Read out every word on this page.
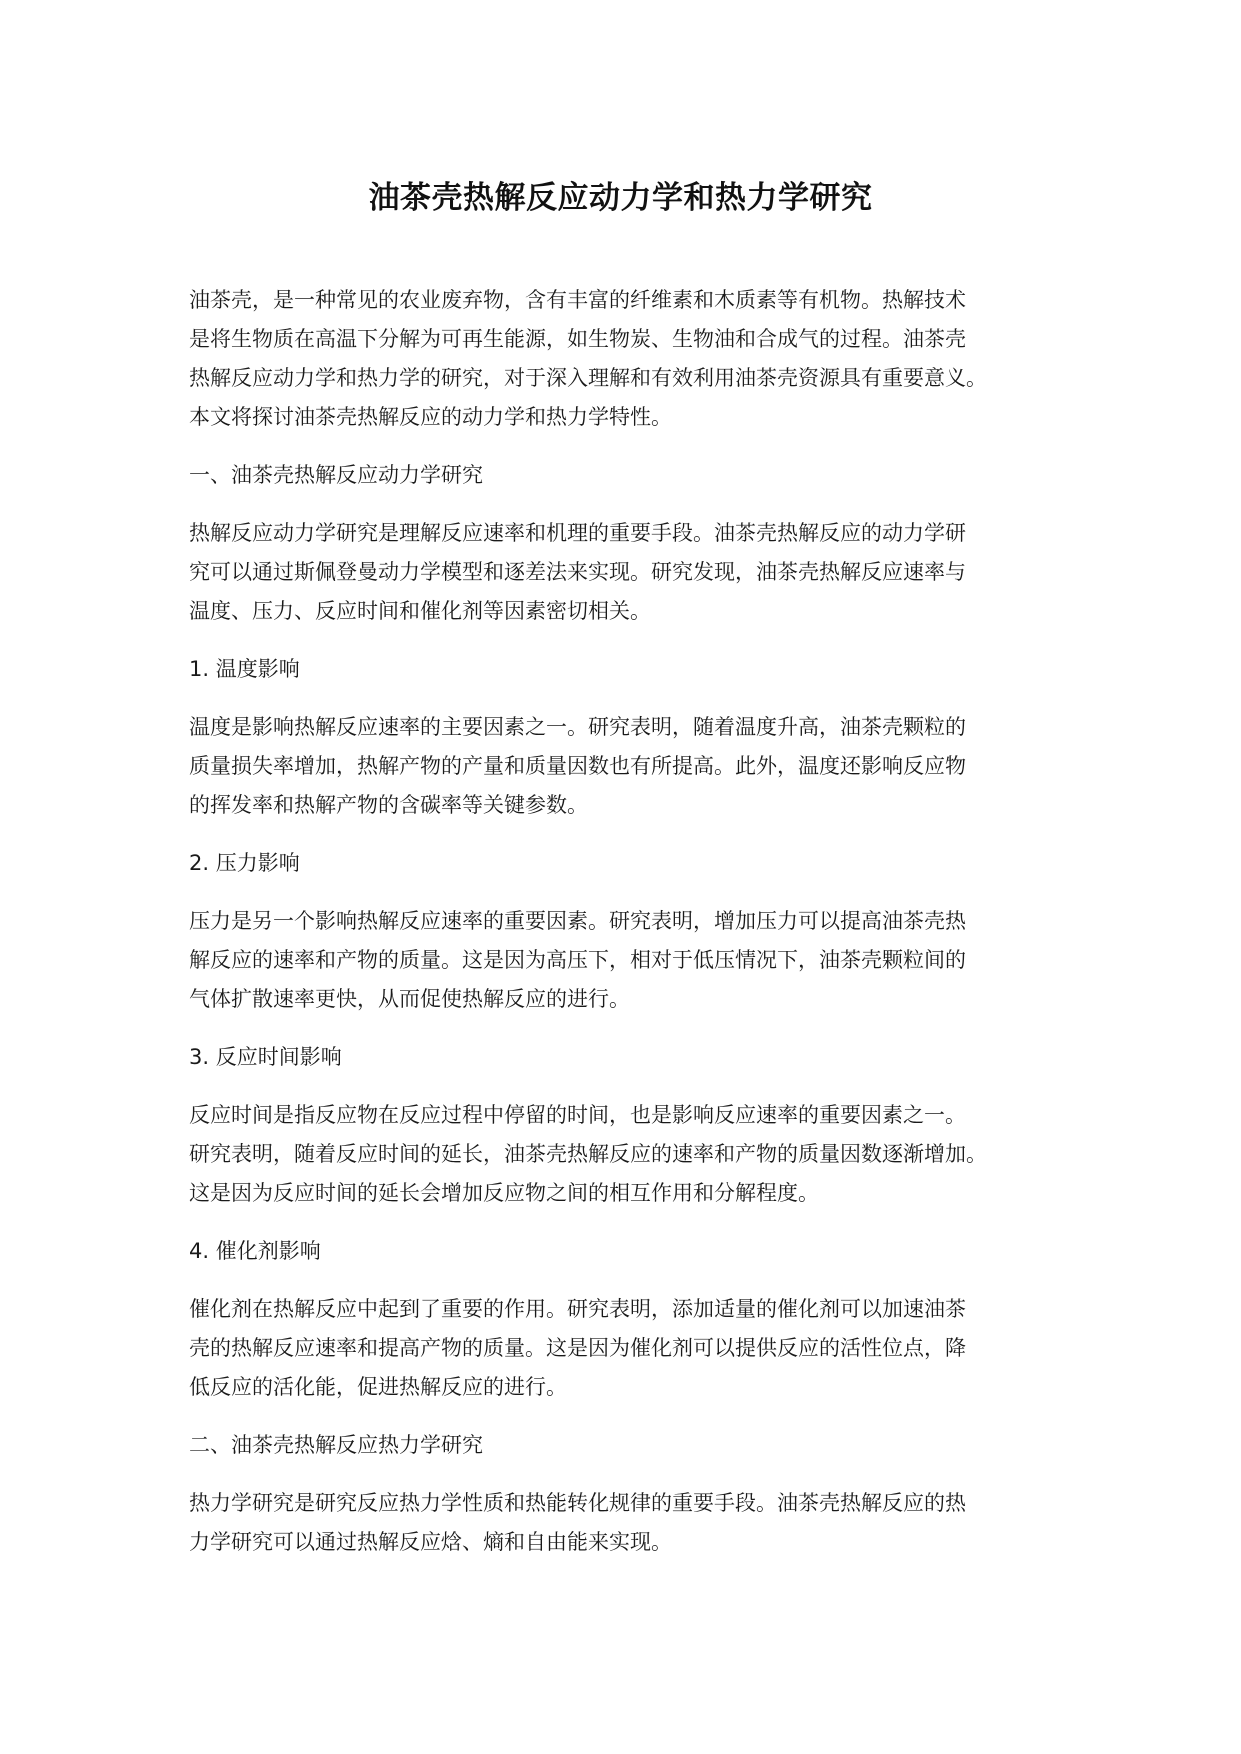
油茶壳热解反应动力学和热力学研究
油茶壳，是一种常见的农业废弃物，含有丰富的纤维素和木质素等有机物。热解技术
是将生物质在高温下分解为可再生能源，如生物炭、生物油和合成气的过程。油茶壳
热解反应动力学和热力学的研究，对于深入理解和有效利用油茶壳资源具有重要意义。
本文将探讨油茶壳热解反应的动力学和热力学特性。
一、油茶壳热解反应动力学研究
热解反应动力学研究是理解反应速率和机理的重要手段。油茶壳热解反应的动力学研
究可以通过斯佩登曼动力学模型和逐差法来实现。研究发现，油茶壳热解反应速率与
温度、压力、反应时间和催化剂等因素密切相关。
1. 温度影响
温度是影响热解反应速率的主要因素之一。研究表明，随着温度升高，油茶壳颗粒的
质量损失率增加，热解产物的产量和质量因数也有所提高。此外，温度还影响反应物
的挥发率和热解产物的含碳率等关键参数。
2. 压力影响
压力是另一个影响热解反应速率的重要因素。研究表明，增加压力可以提高油茶壳热
解反应的速率和产物的质量。这是因为高压下，相对于低压情况下，油茶壳颗粒间的
气体扩散速率更快，从而促使热解反应的进行。
3. 反应时间影响
反应时间是指反应物在反应过程中停留的时间，也是影响反应速率的重要因素之一。
研究表明，随着反应时间的延长，油茶壳热解反应的速率和产物的质量因数逐渐增加。
这是因为反应时间的延长会增加反应物之间的相互作用和分解程度。
4. 催化剂影响
催化剂在热解反应中起到了重要的作用。研究表明，添加适量的催化剂可以加速油茶
壳的热解反应速率和提高产物的质量。这是因为催化剂可以提供反应的活性位点，降
低反应的活化能，促进热解反应的进行。
二、油茶壳热解反应热力学研究
热力学研究是研究反应热力学性质和热能转化规律的重要手段。油茶壳热解反应的热
力学研究可以通过热解反应焓、熵和自由能来实现。
